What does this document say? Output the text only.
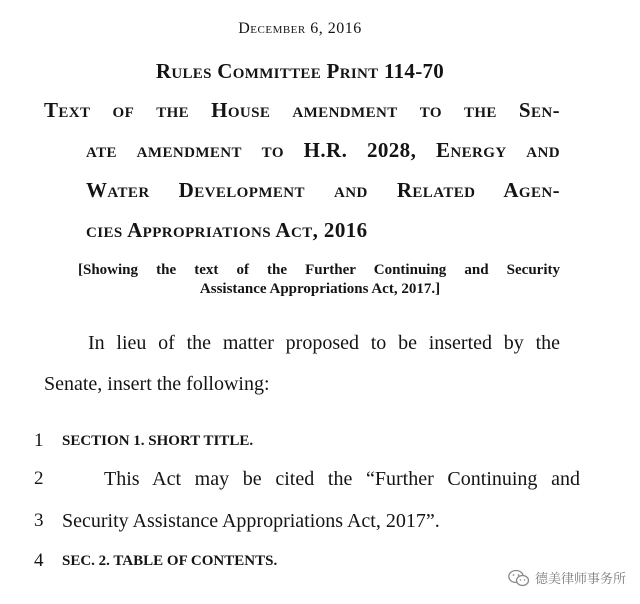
December 6, 2016
Rules Committee Print 114-70
Text of the House amendment to the Sen-
ate amendment to H.R. 2028, Energy and
Water Development and Related Agen-
cies Appropriations Act, 2016
[Showing the text of the Further Continuing and Security
Assistance Appropriations Act, 2017.]
In lieu of the matter proposed to be inserted by the
Senate, insert the following:
1 SECTION 1. SHORT TITLE.
2	This Act may be cited the “Further Continuing and
3 Security Assistance Appropriations Act, 2017”.
4 SEC. 2. TABLE OF CONTENTS.
德美律师事务所
